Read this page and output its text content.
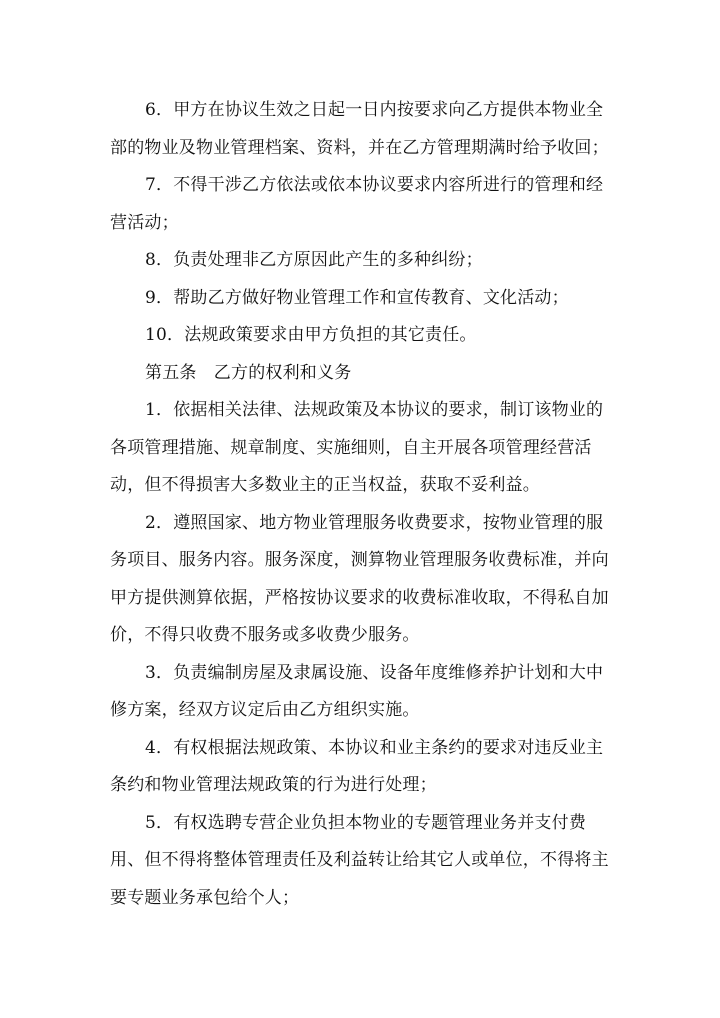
6．甲方在协议生效之日起一日内按要求向乙方提供本物业全部的物业及物业管理档案、资料，并在乙方管理期满时给予收回；

7．不得干涉乙方依法或依本协议要求内容所进行的管理和经营活动；

8．负责处理非乙方原因此产生的多种纠纷；

9．帮助乙方做好物业管理工作和宣传教育、文化活动；

10．法规政策要求由甲方负担的其它责任。

第五条　乙方的权利和义务

1．依据相关法律、法规政策及本协议的要求，制订该物业的各项管理措施、规章制度、实施细则，自主开展各项管理经营活动，但不得损害大多数业主的正当权益，获取不妥利益。

2．遵照国家、地方物业管理服务收费要求，按物业管理的服务项目、服务内容。服务深度，测算物业管理服务收费标准，并向甲方提供测算依据，严格按协议要求的收费标准收取，不得私自加价，不得只收费不服务或多收费少服务。

3．负责编制房屋及隶属设施、设备年度维修养护计划和大中修方案，经双方议定后由乙方组织实施。

4．有权根据法规政策、本协议和业主条约的要求对违反业主条约和物业管理法规政策的行为进行处理；

5．有权选聘专营企业负担本物业的专题管理业务并支付费用、但不得将整体管理责任及利益转让给其它人或单位，不得将主要专题业务承包给个人；
